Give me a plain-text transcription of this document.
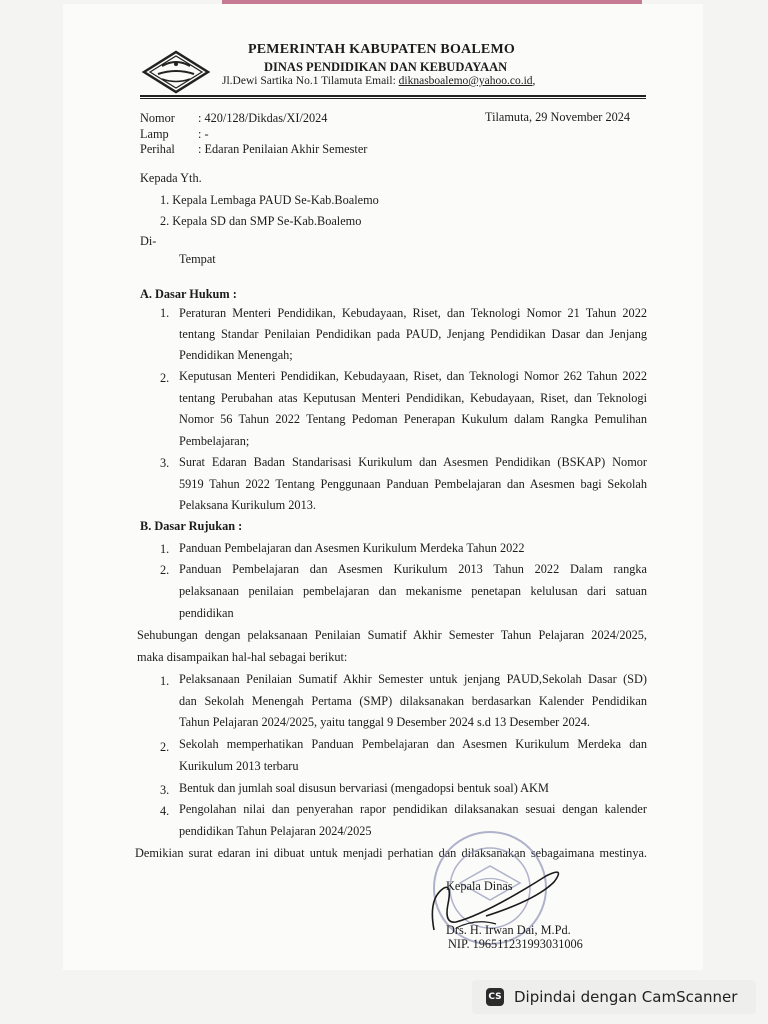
PEMERINTAH KABUPATEN BOALEMO
DINAS PENDIDIKAN DAN KEBUDAYAAN
Jl.Dewi Sartika No.1 Tilamuta Email: diknasboalemo@yahoo.co.id,
Nomor : 420/128/Dikdas/XI/2024	Tilamuta, 29 November 2024
Lamp : -
Perihal : Edaran Penilaian Akhir Semester
Kepada Yth.
1. Kepala Lembaga PAUD Se-Kab.Boalemo
2. Kepala SD dan SMP Se-Kab.Boalemo
Di-
Tempat
A. Dasar Hukum :
1. Peraturan Menteri Pendidikan, Kebudayaan, Riset, dan Teknologi Nomor 21 Tahun 2022
tentang Standar Penilaian Pendidikan pada PAUD, Jenjang Pendidikan Dasar dan Jenjang
Pendidikan Menengah;
2. Keputusan Menteri Pendidikan, Kebudayaan, Riset, dan Teknologi Nomor 262 Tahun 2022
tentang Perubahan atas Keputusan Menteri Pendidikan, Kebudayaan, Riset, dan Teknologi
Nomor 56 Tahun 2022 Tentang Pedoman Penerapan Kukulum dalam Rangka Pemulihan
Pembelajaran;
3. Surat Edaran Badan Standarisasi Kurikulum dan Asesmen Pendidikan (BSKAP) Nomor
5919 Tahun 2022 Tentang Penggunaan Panduan Pembelajaran dan Asesmen bagi Sekolah
Pelaksana Kurikulum 2013.
B. Dasar Rujukan :
1. Panduan Pembelajaran dan Asesmen Kurikulum Merdeka Tahun 2022
2. Panduan Pembelajaran dan Asesmen Kurikulum 2013 Tahun 2022 Dalam rangka
pelaksanaan penilaian pembelajaran dan mekanisme penetapan kelulusan dari satuan
pendidikan
Sehubungan dengan pelaksanaan Penilaian Sumatif Akhir Semester Tahun Pelajaran 2024/2025,
maka disampaikan hal-hal sebagai berikut:
1. Pelaksanaan Penilaian Sumatif Akhir Semester untuk jenjang PAUD,Sekolah Dasar (SD)
dan Sekolah Menengah Pertama (SMP) dilaksanakan berdasarkan Kalender Pendidikan
Tahun Pelajaran 2024/2025, yaitu tanggal 9 Desember 2024 s.d 13 Desember 2024.
2. Sekolah memperhatikan Panduan Pembelajaran dan Asesmen Kurikulum Merdeka dan
Kurikulum 2013 terbaru
3. Bentuk dan jumlah soal disusun bervariasi (mengadopsi bentuk soal) AKM
4. Pengolahan nilai dan penyerahan rapor pendidikan dilaksanakan sesuai dengan kalender
pendidikan Tahun Pelajaran 2024/2025
Demikian surat edaran ini dibuat untuk menjadi perhatian dan dilaksanakan sebagaimana mestinya.
Kepala Dinas
Drs. H. Irwan Dai, M.Pd.
NIP. 196511231993031006
CS Dipindai dengan CamScanner
